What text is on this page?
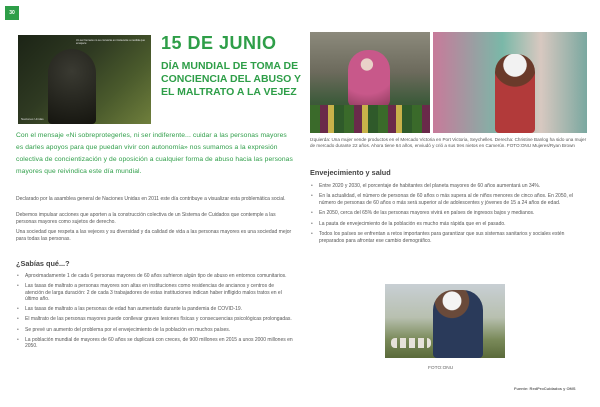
30
Un ser humano no se convierte en irrelevante a medida que envejece
Naciones Unidas
15 DE JUNIO
DÍA MUNDIAL DE TOMA DE CONCIENCIA DEL ABUSO Y EL MALTRATO A LA VEJEZ
Con el mensaje «Ni sobreprotegerles, ni ser indiferente... cuidar a las personas mayores es darles apoyos para que puedan vivir con autonomía» nos sumamos a la expresión colectiva de concientización y de oposición a cualquier forma de abuso hacia las personas mayores que reivindica este día mundial.
Declarado por la asamblea general de Naciones Unidas en 2011 este día contribuye a visualizar esta problemática social.
Debemos impulsar acciones que aporten a la construcción colectiva de un Sistema de Cuidados que contemple a las personas mayores como sujetos de derecho.
Una sociedad que respeta a las vejeces y su diversidad y da calidad de vida a las personas mayores es una sociedad mejor para todas las personas.
¿Sabías qué...?
• Aproximadamente 1 de cada 6 personas mayores de 60 años sufrieron algún tipo de abuso en entornos comunitarios.
• Las tasas de maltrato a personas mayores son altas en instituciones como residencias de ancianos y centros de atención de larga duración: 2 de cada 3 trabajadores de estas instituciones indican haber infligido malos tratos en el último año.
• Las tasas de maltrato a las personas de edad han aumentado durante la pandemia de COVID-19.
• El maltrato de las personas mayores puede conllevar graves lesiones físicas y consecuencias psicológicas prolongadas.
• Se prevé un aumento del problema por el envejecimiento de la población en muchos países.
• La población mundial de mayores de 60 años se duplicará con creces, de 900 millones en 2015 a unos 2000 millones en 2050.
Izquierda: Una mujer vende productos en el Mercado Victoria en Port Victoria, Seychelles. Derecha: Christine Banlog ha sido una mujer de mercado durante 22 años. Ahora tiene 64 años, enviudó y crió a sus tres nietos en Camerún. FOTO:ONU Mujeres/Ryan Brown
Envejecimiento y salud
• Entre 2020 y 2030, el porcentaje de habitantes del planeta mayores de 60 años aumentará un 34%.
• En la actualidad, el número de personas de 60 años o más supera al de niños menores de cinco años. En 2050, el número de personas de 60 años o más será superior al de adolescentes y jóvenes de 15 a 24 años de edad.
• En 2050, cerca del 65% de las personas mayores vivirá en países de ingresos bajos y medianos.
• La pauta de envejecimiento de la población es mucho más rápida que en el pasado.
• Todos los países se enfrentan a retos importantes para garantizar que sus sistemas sanitarios y sociales estén preparados para afrontar ese cambio demográfico.
FOTO:ONU
Fuente: RedProCuidados y OMS
